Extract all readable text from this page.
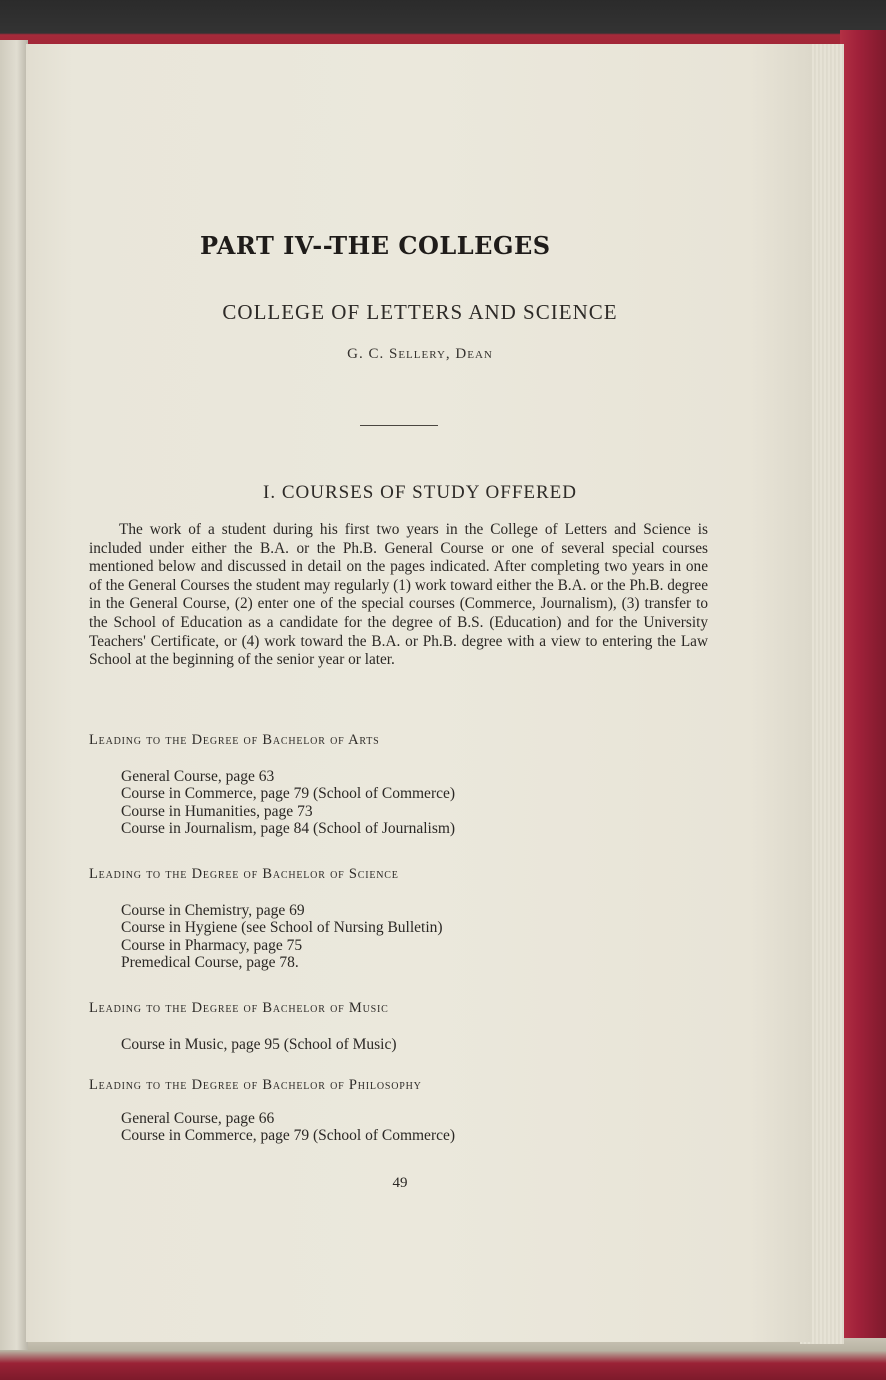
PART IV--THE COLLEGES
COLLEGE OF LETTERS AND SCIENCE
G. C. Sellery, Dean
I. COURSES OF STUDY OFFERED

The work of a student during his first two years in the College of Letters and Science is included under either the B.A. or the Ph.B. General Course or one of several special courses mentioned below and discussed in detail on the pages indicated. After completing two years in one of the General Courses the student may regularly (1) work toward either the B.A. or the Ph.B. degree in the General Course, (2) enter one of the special courses (Commerce, Journalism), (3) transfer to the School of Education as a candidate for the degree of B.S. (Education) and for the University Teachers' Certificate, or (4) work toward the B.A. or Ph.B. degree with a view to entering the Law School at the beginning of the senior year or later.

Leading to the Degree of Bachelor of Arts
General Course, page 63
Course in Commerce, page 79 (School of Commerce)
Course in Humanities, page 73
Course in Journalism, page 84 (School of Journalism)
Leading to the Degree of Bachelor of Science
Course in Chemistry, page 69
Course in Hygiene (see School of Nursing Bulletin)
Course in Pharmacy, page 75
Premedical Course, page 78.
Leading to the Degree of Bachelor of Music
Course in Music, page 95 (School of Music)
Leading to the Degree of Bachelor of Philosophy
General Course, page 66
Course in Commerce, page 79 (School of Commerce)
49
